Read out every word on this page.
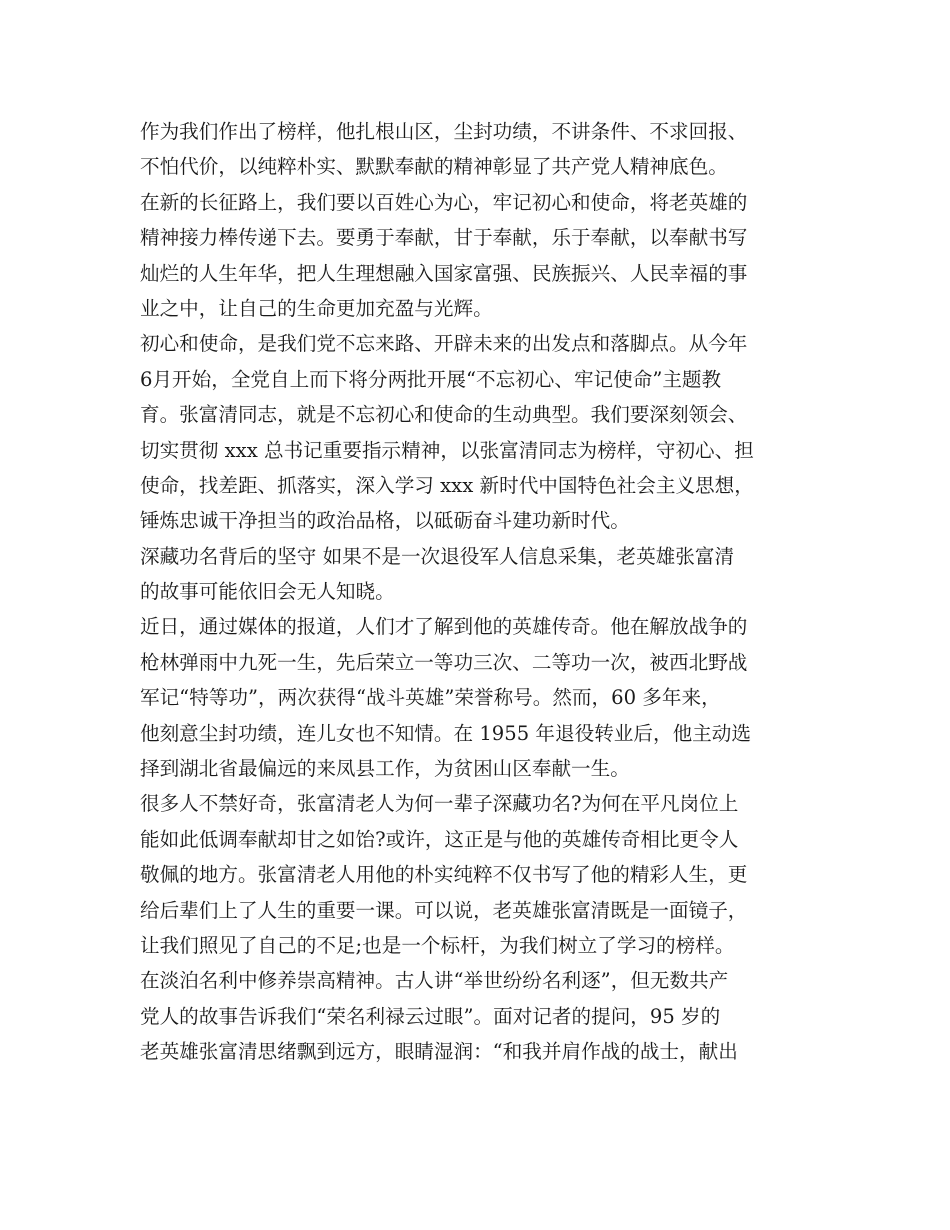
作为我们作出了榜样，他扎根山区，尘封功绩，不讲条件、不求回报、
不怕代价，以纯粹朴实、默默奉献的精神彰显了共产党人精神底色。
在新的长征路上，我们要以百姓心为心，牢记初心和使命，将老英雄的
精神接力棒传递下去。要勇于奉献，甘于奉献，乐于奉献，以奉献书写
灿烂的人生年华，把人生理想融入国家富强、民族振兴、人民幸福的事
业之中，让自己的生命更加充盈与光辉。
初心和使命，是我们党不忘来路、开辟未来的出发点和落脚点。从今年
6月开始，全党自上而下将分两批开展“不忘初心、牢记使命”主题教
育。张富清同志，就是不忘初心和使命的生动典型。我们要深刻领会、
切实贯彻 xxx 总书记重要指示精神，以张富清同志为榜样，守初心、担
使命，找差距、抓落实，深入学习 xxx 新时代中国特色社会主义思想，
锤炼忠诚干净担当的政治品格，以砥砺奋斗建功新时代。
深藏功名背后的坚守 如果不是一次退役军人信息采集，老英雄张富清
的故事可能依旧会无人知晓。
近日，通过媒体的报道，人们才了解到他的英雄传奇。他在解放战争的
枪林弹雨中九死一生，先后荣立一等功三次、二等功一次，被西北野战
军记“特等功”，两次获得“战斗英雄”荣誉称号。然而，60 多年来，
他刻意尘封功绩，连儿女也不知情。在 1955 年退役转业后，他主动选
择到湖北省最偏远的来凤县工作，为贫困山区奉献一生。
很多人不禁好奇，张富清老人为何一辈子深藏功名?为何在平凡岗位上
能如此低调奉献却甘之如饴?或许，这正是与他的英雄传奇相比更令人
敬佩的地方。张富清老人用他的朴实纯粹不仅书写了他的精彩人生，更
给后辈们上了人生的重要一课。可以说，老英雄张富清既是一面镜子，
让我们照见了自己的不足;也是一个标杆，为我们树立了学习的榜样。
在淡泊名利中修养崇高精神。古人讲“举世纷纷名利逐”，但无数共产
党人的故事告诉我们“荣名利禄云过眼”。面对记者的提问，95 岁的
老英雄张富清思绪飘到远方，眼睛湿润：“和我并肩作战的战士，献出
